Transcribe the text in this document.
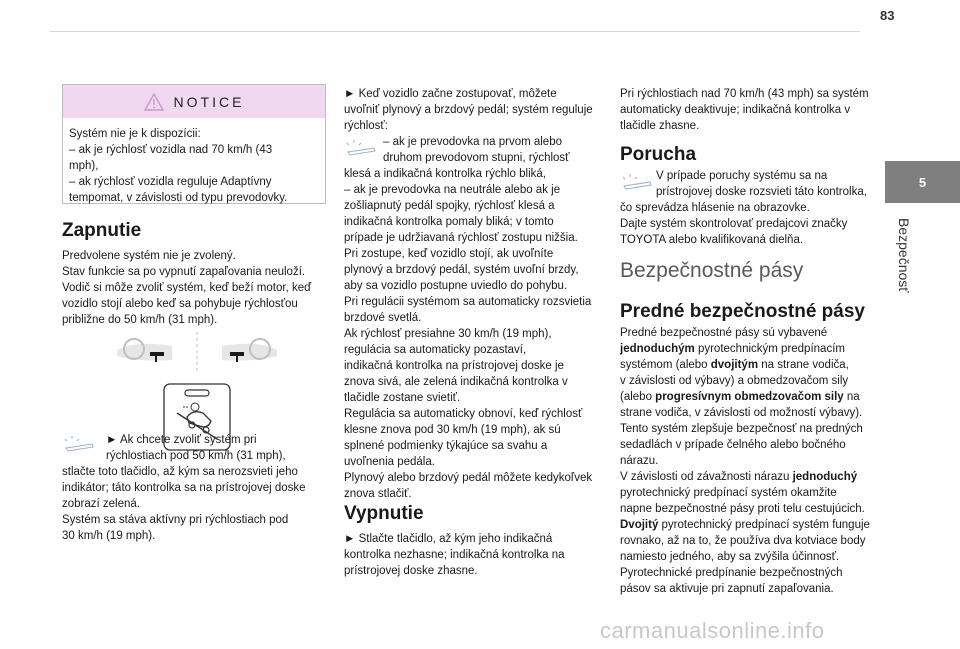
83
5
Bezpečnosť
NOTICE

Systém nie je k dispozícii:

– ak je rýchlosť vozidla nad 70 km/h (43

mph),

– ak rýchlosť vozidla reguluje Adaptívny

tempomat, v závislosti od typu prevodovky.

Zapnutie

Predvolene systém nie je zvolený.

Stav funkcie sa po vypnutí zapaľovania neuloží.

Vodič si môže zvoliť systém, keď beží motor, keď

vozidlo stojí alebo keď sa pohybuje rýchlosťou

približne do 50 km/h (31 mph).

► Ak chcete zvoliť systém pri

rýchlostiach pod 50 km/h (31 mph),

stlačte toto tlačidlo, až kým sa nerozsvieti jeho

indikátor; táto kontrolka sa na prístrojovej doske

zobrazí zelená.

Systém sa stáva aktívny pri rýchlostiach pod

30 km/h (19 mph).

► Keď vozidlo začne zostupovať, môžete

uvoľniť plynový a brzdový pedál; systém reguluje

rýchlosť:

– ak je prevodovka na prvom alebo

druhom prevodovom stupni, rýchlosť

klesá a indikačná kontrolka rýchlo bliká,

– ak je prevodovka na neutrále alebo ak je

zošliapnutý pedál spojky, rýchlosť klesá a

indikačná kontrolka pomaly bliká; v tomto

prípade je udržiavaná rýchlosť zostupu nižšia.

Pri zostupe, keď vozidlo stojí, ak uvoľníte

plynový a brzdový pedál, systém uvoľní brzdy,

aby sa vozidlo postupne uviedlo do pohybu.

Pri regulácii systémom sa automaticky rozsvietia

brzdové svetlá.

Ak rýchlosť presiahne 30 km/h (19 mph),

regulácia sa automaticky pozastaví,

indikačná kontrolka na prístrojovej doske je

znova sivá, ale zelená indikačná kontrolka v

tlačidle zostane svietiť.

Regulácia sa automaticky obnoví, keď rýchlosť

klesne znova pod 30 km/h (19 mph), ak sú

splnené podmienky týkajúce sa svahu a

uvoľnenia pedála.

Plynový alebo brzdový pedál môžete kedykoľvek

znova stlačiť.

Vypnutie

► Stlačte tlačidlo, až kým jeho indikačná

kontrolka nezhasne; indikačná kontrolka na

prístrojovej doske zhasne.

Pri rýchlostiach nad 70 km/h (43 mph) sa systém

automaticky deaktivuje; indikačná kontrolka v

tlačidle zhasne.

Porucha

V prípade poruchy systému sa na

prístrojovej doske rozsvieti táto kontrolka,

čo sprevádza hlásenie na obrazovke.

Dajte systém skontrolovať predajcovi značky

TOYOTA alebo kvalifikovaná dielňa.

Bezpečnostné pásy
Predné bezpečnostné pásy

Predné bezpečnostné pásy sú vybavené

jednoduchým pyrotechnickým predpínacím

systémom (alebo dvojitým na strane vodiča,

v závislosti od výbavy) a obmedzovačom sily

(alebo progresívnym obmedzovačom sily na

strane vodiča, v závislosti od možností výbavy).

Tento systém zlepšuje bezpečnosť na predných

sedadlách v prípade čelného alebo bočného

nárazu.

V závislosti od závažnosti nárazu jednoduchý

pyrotechnický predpínací systém okamžite

napne bezpečnostné pásy proti telu cestujúcich.

Dvojitý pyrotechnický predpínací systém funguje

rovnako, až na to, že používa dva kotviace body

namiesto jedného, aby sa zvýšila účinnosť.

Pyrotechnické predpínanie bezpečnostných

pásov sa aktivuje pri zapnutí zapaľovania.

carmanualsonline.info
